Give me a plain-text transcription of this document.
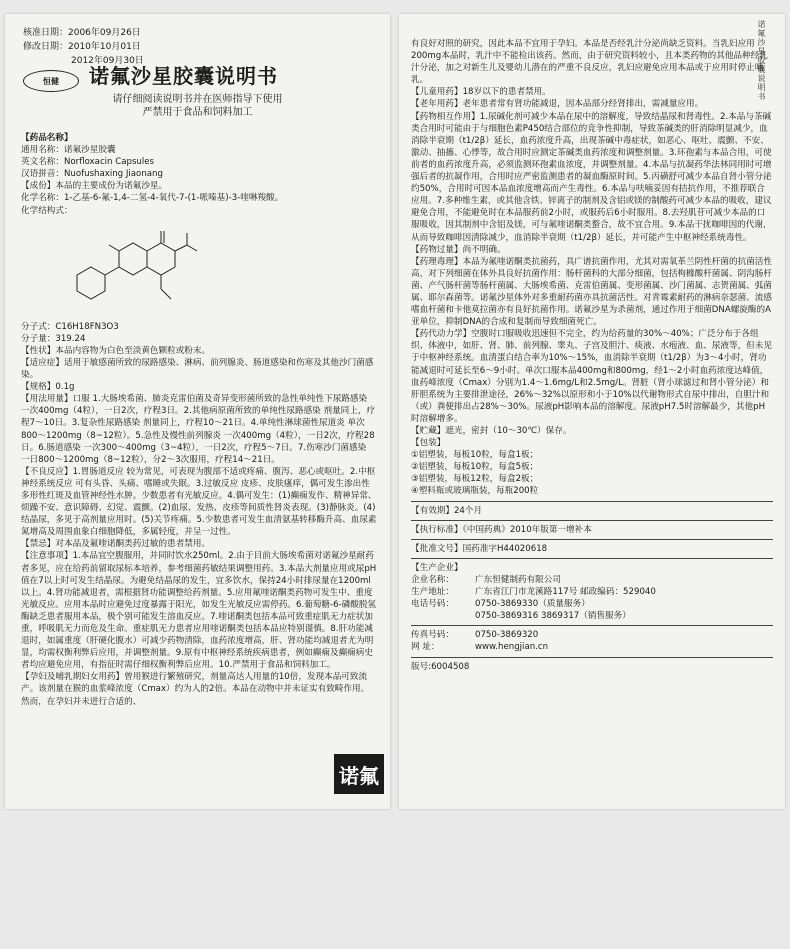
核准日期：2006年09月26日
修改日期：2010年10月01日
2012年09月30日
恒健 诺氟沙星胶囊说明书
请仔细阅读说明书并在医师指导下使用
严禁用于食品和饲料加工

【药品名称】

通用名称：诺氟沙星胶囊

英文名称：Norfloxacin Capsules

汉语拼音：Nuofushaxing Jiaonang

【成份】本品的主要成份为诺氟沙星。

化学名称：1-乙基-6-氟-1,4-二氢-4-氧代-7-(1-哌嗪基)-3-喹啉羧酸。

化学结构式：

分子式：C16H18FN3O3

分子量：319.24

【性状】本品内容物为白色至淡黄色颗粒或粉末。

【适应症】适用于敏感菌所致的尿路感染、淋病、前列腺炎、肠道感染和伤寒及其他沙门菌感染。

【规格】0.1g

【用法用量】口服 1.大肠埃希菌、肺炎克雷伯菌及奇异变形菌所致的急性单纯性下尿路感染 一次400mg（4粒），一日2次，疗程3日。2.其他病原菌所致的单纯性尿路感染 剂量同上，疗程7～10日。3.复杂性尿路感染 剂量同上，疗程10～21日。4.单纯性淋球菌性尿道炎 单次800～1200mg（8~12粒）。5.急性及慢性前列腺炎 一次400mg（4粒），一日2次，疗程28日。6.肠道感染 一次300～400mg（3~4粒），一日2次，疗程5～7日。7.伤寒沙门菌感染 一日800～1200mg（8~12粒），分2～3次服用，疗程14～21日。

【不良反应】1.胃肠道反应 较为常见，可表现为腹部不适或疼痛、腹泻、恶心或呕吐。2.中枢神经系统反应 可有头昏、头痛、嗜睡或失眠。3.过敏反应 皮疹、皮肤瘙痒，偶可发生渗出性多形性红斑及血管神经性水肿。少数患者有光敏反应。4.偶可发生：(1)癫痫发作、精神异常、烦躁不安、意识障碍、幻觉、震颤。(2)血尿、发热、皮疹等间质性肾炎表现。(3)静脉炎。(4)结晶尿，多见于高剂量应用时。(5)关节疼痛。5.少数患者可发生血清氨基转移酶升高、血尿素氮增高及周围血象白细胞降低，多属轻度，并呈一过性。

【禁忌】对本品及氟喹诺酮类药过敏的患者禁用。

【注意事项】1.本品宜空腹服用，并同时饮水250ml。2.由于目前大肠埃希菌对诺氟沙星耐药者多见，应在给药前留取尿标本培养，参考细菌药敏结果调整用药。3.本品大剂量应用或尿pH值在7以上时可发生结晶尿。为避免结晶尿的发生，宜多饮水，保持24小时排尿量在1200ml以上。4.肾功能减退者，需根据肾功能调整给药剂量。5.应用氟喹诺酮类药物可发生中、重度光敏反应。应用本品时应避免过度暴露于阳光，如发生光敏反应需停药。6.葡萄糖-6-磷酸脱氢酶缺乏患者服用本品，极个别可能发生溶血反应。7.喹诺酮类包括本品可致重症肌无力症状加重，呼吸肌无力而危及生命。重症肌无力患者应用喹诺酮类包括本品应特别谨慎。8.肝功能减退时，如属重度（肝硬化腹水）可减少药物清除，血药浓度增高，肝、肾功能均减退者尤为明显，均需权衡利弊后应用，并调整剂量。9.原有中枢神经系统疾病患者，例如癫痫及癫痫病史者均应避免应用，有指征时需仔细权衡利弊后应用。10.严禁用于食品和饲料加工。

【孕妇及哺乳期妇女用药】曾用猴进行繁殖研究，剂量高达人用量的10倍，发现本品可致流产。该剂量在猴的血浆峰浓度（Cmax）约为人的2倍。本品在动物中并未证实有致畸作用。然而，在孕妇并未进行合适的、

诺氟
诺氟沙星胶囊说明书

有良好对照的研究，因此本品不宜用于孕妇。本品是否经乳汁分泌尚缺乏资料。当乳妇应用200mg本品时，乳汁中不能检出该药。然而，由于研究资料较小，且本类药物的其他品种经乳汁分泌，加之对新生儿及婴幼儿潜在的严重不良反应，乳妇应避免应用本品或于应用时停止哺乳。

【儿童用药】18岁以下的患者禁用。

【老年用药】老年患者常有肾功能减退，因本品部分经肾排出，需减量应用。

【药物相互作用】1.尿碱化剂可减少本品在尿中的溶解度，导致结晶尿和肾毒性。2.本品与茶碱类合用时可能由于与细胞色素P450结合部位的竞争性抑制，导致茶碱类的肝消除明显减少，血消除半衰期（t1/2β）延长，血药浓度升高，出现茶碱中毒症状，如恶心、呕吐、震颤、不安、激动、抽搐、心悸等，故合用时应测定茶碱类血药浓度和调整剂量。3.环孢素与本品合用，可使前者的血药浓度升高，必须监测环孢素血浓度，并调整剂量。4.本品与抗凝药华法林同用时可增强后者的抗凝作用，合用时应严密监测患者的凝血酶原时间。5.丙磺舒可减少本品自肾小管分泌约50%，合用时可因本品血浓度增高而产生毒性。6.本品与呋喃妥因有拮抗作用，不推荐联合应用。7.多种维生素，或其他含铁、锌离子的制剂及含铝或镁的制酸药可减少本品的吸收，建议避免合用，不能避免时在本品服药前2小时，或服药后6小时服用。8.去羟肌苷可减少本品的口服吸收，因其制剂中含铝及镁，可与氟喹诺酮类螯合，故不宜合用。9.本品干扰咖啡因的代谢，从而导致咖啡因清除减少，血消除半衰期（t1/2β）延长，并可能产生中枢神经系统毒性。

【药物过量】尚不明确。

【药理毒理】本品为氟喹诺酮类抗菌药，具广谱抗菌作用，尤其对需氧革兰阴性杆菌的抗菌活性高，对下列细菌在体外具良好抗菌作用：肠杆菌科的大部分细菌，包括枸橼酸杆菌属、阴沟肠杆菌、产气肠杆菌等肠杆菌属、大肠埃希菌、克雷伯菌属、变形菌属、沙门菌属、志贺菌属、弧菌属、耶尔森菌等。诺氟沙星体外对多重耐药菌亦具抗菌活性。对青霉素耐药的淋病奈瑟菌、流感嗜血杆菌和卡他莫拉菌亦有良好抗菌作用。诺氟沙星为杀菌剂，通过作用于细菌DNA螺旋酶的A亚单位，抑制DNA的合成和复制而导致细菌死亡。

【药代动力学】空腹时口服吸收迅速但不完全，约为给药量的30%～40%；广泛分布于各组织、体液中，如肝、肾、肺、前列腺、睾丸、子宫及胆汁、痰液、水疱液、血、尿液等，但未见于中枢神经系统。血清蛋白结合率为10%～15%，血消除半衰期（t1/2β）为3～4小时，肾功能减退时可延长至6～9小时。单次口服本品400mg和800mg，经1～2小时血药浓度达峰值，血药峰浓度（Cmax）分别为1.4～1.6mg/L和2.5mg/L。肾脏（肾小球滤过和肾小管分泌）和肝胆系统为主要排泄途径，26%～32%以原形和小于10%以代谢物形式自尿中排出，自胆汁和（或）粪便排出占28%～30%。尿液pH影响本品的溶解度。尿液pH7.5时溶解最少，其他pH时溶解增多。

【贮藏】遮光，密封（10～30℃）保存。

【包装】

①铝塑装，每板10粒，每盒1板；

②铝塑装，每板10粒，每盒5板；

③铝塑装，每板12粒，每盒2板；

④塑料瓶或玻璃瓶装，每瓶200粒

【有效期】24个月

【执行标准】《中国药典》2010年版第一增补本

【批准文号】国药准字H44020618

【生产企业】

企业名称：	广东恒健制药有限公司
生产地址：	广东省江门市龙溪路117号 邮政编码：529040
电话号码：	0750-3869330（质量服务）
0750-3869316 3869317（销售服务）
传真号码：	0750-3869320
网 址：	www.hengjian.cn

版号:6004508
